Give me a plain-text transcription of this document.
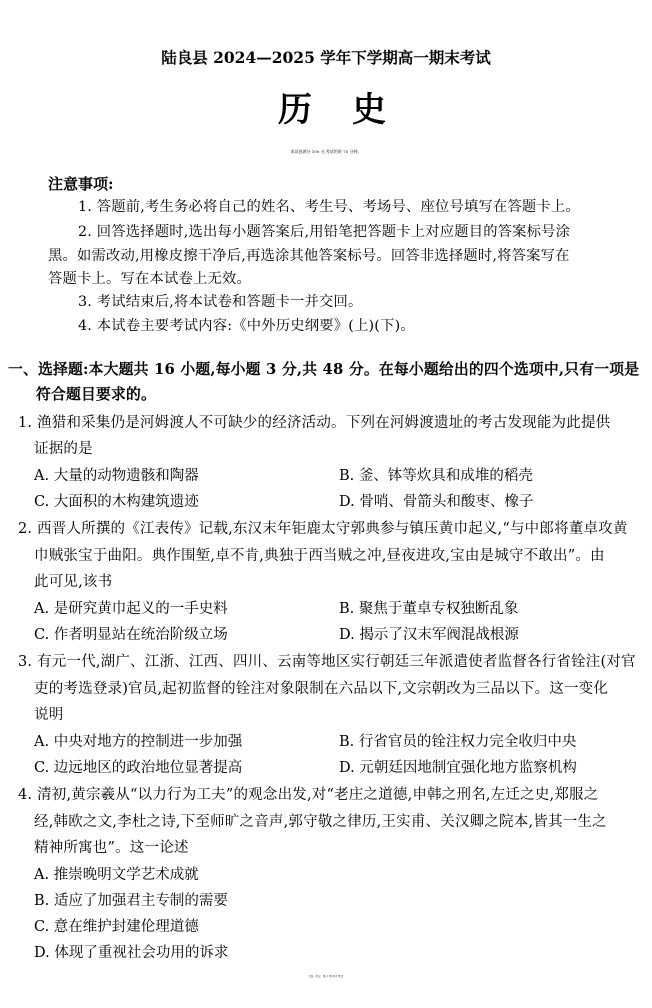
陆良县 2024—2025 学年下学期高一期末考试
历史
本试卷满分 100 分,考试用时 75 分钟。
注意事项:
1. 答题前,考生务必将自己的姓名、考生号、考场号、座位号填写在答题卡上。
2. 回答选择题时,选出每小题答案后,用铅笔把答题卡上对应题目的答案标号涂
黑。如需改动,用橡皮擦干净后,再选涂其他答案标号。回答非选择题时,将答案写在
答题卡上。写在本试卷上无效。
3. 考试结束后,将本试卷和答题卡一并交回。
4. 本试卷主要考试内容:《中外历史纲要》(上)(下)。
一、选择题:本大题共 16 小题,每小题 3 分,共 48 分。在每小题给出的四个选项中,只有一项是
符合题目要求的。
1. 渔猎和采集仍是河姆渡人不可缺少的经济活动。下列在河姆渡遗址的考古发现能为此提供
证据的是
A. 大量的动物遗骸和陶器	B. 釜、钵等炊具和成堆的稻壳
C. 大面积的木构建筑遗迹	D. 骨哨、骨箭头和酸枣、橡子
2. 西晋人所撰的《江表传》记载,东汉末年钜鹿太守郭典参与镇压黄巾起义,“与中郎将董卓攻黄
巾贼张宝于曲阳。典作围堑,卓不肯,典独于西当贼之冲,昼夜进攻,宝由是城守不敢出”。由
此可见,该书
A. 是研究黄巾起义的一手史料	B. 聚焦于董卓专权独断乱象
C. 作者明显站在统治阶级立场	D. 揭示了汉末军阀混战根源
3. 有元一代,湖广、江浙、江西、四川、云南等地区实行朝廷三年派遣使者监督各行省铨注(对官
吏的考选登录)官员,起初监督的铨注对象限制在六品以下,文宗朝改为三品以下。这一变化
说明
A. 中央对地方的控制进一步加强	B. 行省官员的铨注权力完全收归中央
C. 边远地区的政治地位显著提高	D. 元朝廷因地制宜强化地方监察机构
4. 清初,黄宗羲从“以力行为工夫”的观念出发,对“老庄之道德,申韩之刑名,左迁之史,郑服之
经,韩欧之文,李杜之诗,下至师旷之音声,郭守敬之律历,王实甫、关汉卿之院本,皆其一生之
精神所寓也”。这一论述
A. 推崇晚明文学艺术成就
B. 适应了加强君主专制的需要
C. 意在维护封建伦理道德
D. 体现了重视社会功用的诉求
【高一历史　第 1 页(共 6 页)】
